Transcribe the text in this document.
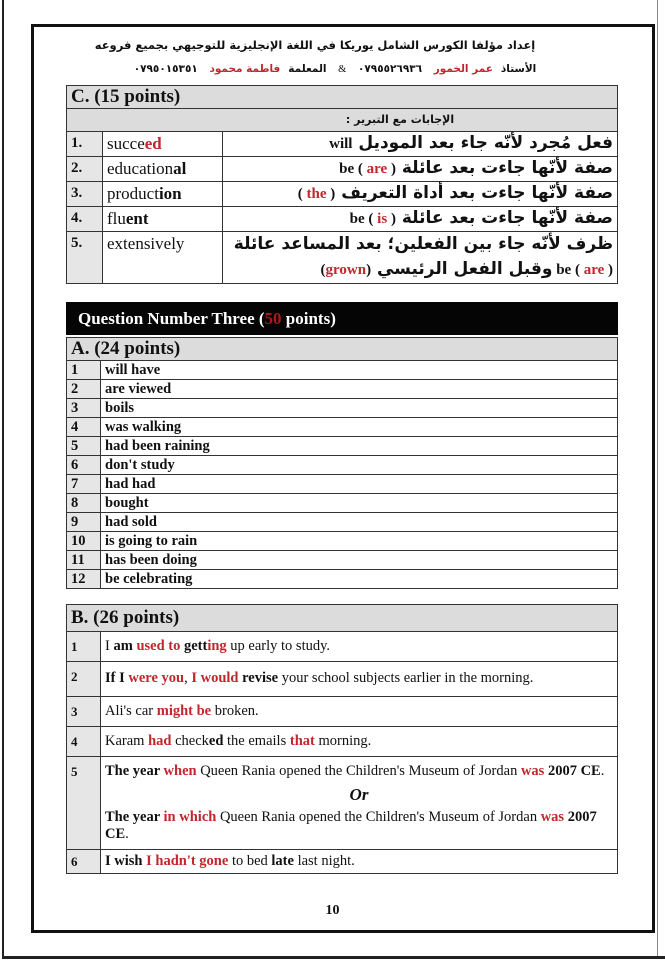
إعداد مؤلفا الكورس الشامل يوريكا في اللغة الإنجليزية للتوجيهي بجميع فروعه
الأستاذعمر الخمور ٠٧٩٥٥٢٦٩٣٦ & المعلمةفاطمة محمود ٠٧٩٥٠١٥٣٥١
C. (15 points)		
الإجابات مع التبرير :		
1.	succeed	فعل مُجرد لأنّه جاء بعد الموديل will
2.	educational	صفة لأنّها جاءت بعد عائلة be ( are )
3.	production	صفة لأنّها جاءت بعد أداة التعريف ( the )
4.	fluent	صفة لأنّها جاءت بعد عائلة be ( is )
5.	extensively	ظرف لأنّه جاء بين الفعلين؛ بعد المساعد عائلة be ( are ) وقبل الفعل الرئيسي (grown)
Question Number Three (50 points)
A. (24 points)	
1	will have
2	are viewed
3	boils
4	was walking
5	had been raining
6	don't study
7	had had
8	bought
9	had sold
10	is going to rain
11	has been doing
12	be celebrating
B. (26 points)	
1	I am used to getting up early to study.
2	If I were you, I would revise your school subjects earlier in the morning.
3	Ali's car might be broken.
4	Karam had checked the emails that morning.
5	The year when Queen Rania opened the Children's Museum of Jordan was 2007 CE.
Or
The year in which Queen Rania opened the Children's Museum of Jordan was 2007 CE.

6	I wish I hadn't gone to bed late last night.
10
